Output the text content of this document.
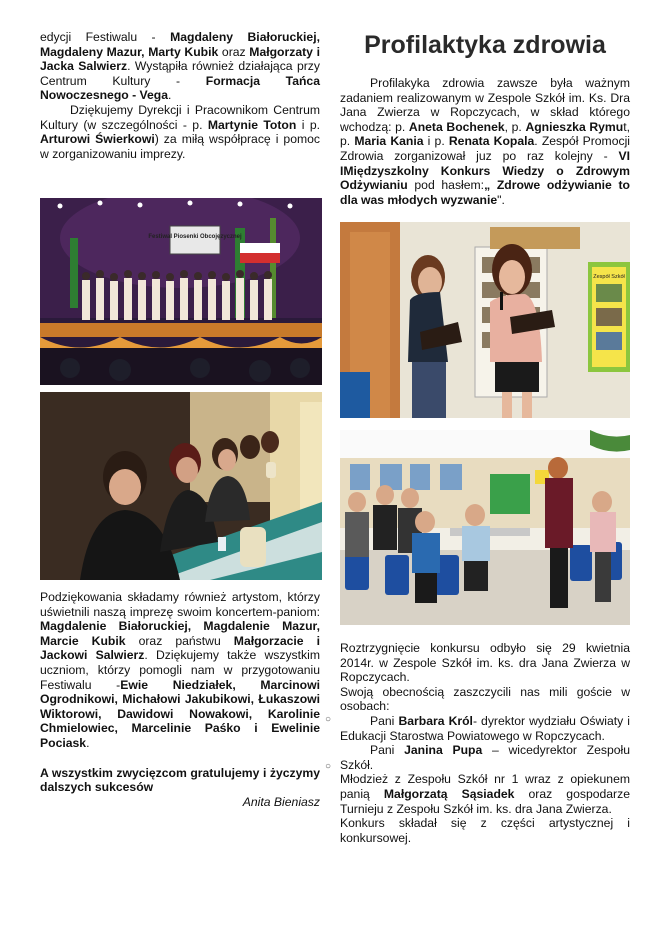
edycji Festiwalu - Magdaleny Białoruckiej, Magdaleny Mazur, Marty Kubik oraz Małgorzaty i Jacka Salwierz. Wystąpiła również działająca przy Centrum Kultury - Formacja Tańca Nowoczesnego - Vega.

Dziękujemy Dyrekcji i Pracownikom Centrum Kultury (w szczególności - p. Martynie Toton i p. Arturowi Świerkowi) za miłą współpracę i pomoc w zorganizowaniu imprezy.

Festiwal Piosenki Obcojęzycznej

Podziękowania składamy również artystom, którzy uświetnili naszą imprezę swoim koncertem-paniom: Magdalenie Białoruckiej, Magdalenie Mazur, Marcie Kubik oraz państwu Małgorzacie i Jackowi Salwierz. Dziękujemy także wszystkim uczniom, którzy pomogli nam w przygotowaniu Festiwalu -Ewie Niedziałek, Marcinowi Ogrodnikowi, Michałowi Jakubikowi, Łukaszowi Wiktorowi, Dawidowi Nowakowi, Karolinie Chmielowiec, Marcelinie Paśko i Ewelinie Pociask.

A wszystkim zwycięzcom gratulujemy i życzymy dalszych sukcesów

Anita Bieniasz

Profilaktyka zdrowia

Profilakyka zdrowia zawsze była ważnym zadaniem realizowanym w Zespole Szkół im. Ks. Dra Jana Zwierza w Ropczycach, w skład którego wchodzą: p. Aneta Bochenek, p. Agnieszka Rymut, p. Maria Kania i p. Renata Kopala. Zespół Promocji Zdrowia zorganizował juz po raz kolejny - VI IMiędzyszkolny Konkurs Wiedzy o Zdrowym Odżywianiu pod hasłem:„ Zdrowe odżywianie to dla was młodych wyzwanie".

Zespół Szkół

Roztrzygnięcie konkursu odbyło się 29 kwietnia 2014r. w Zespole Szkół im. ks. dra Jana Zwierza w Ropczycach.

Swoją obecnością zaszczycili nas mili goście w osobach:

Pani Barbara Król- dyrektor wydziału Oświaty i Edukacji Starostwa Powiatowego w Ropczycach.

Pani Janina Pupa – wicedyrektor Zespołu Szkół.

Młodzież z Zespołu Szkół nr 1 wraz z opiekunem panią Małgorzatą Sąsiadek oraz gospodarze Turnieju z Zespołu Szkół im. ks. dra Jana Zwierza.

Konkurs składał się z części artystycznej i konkursowej.

○
○
